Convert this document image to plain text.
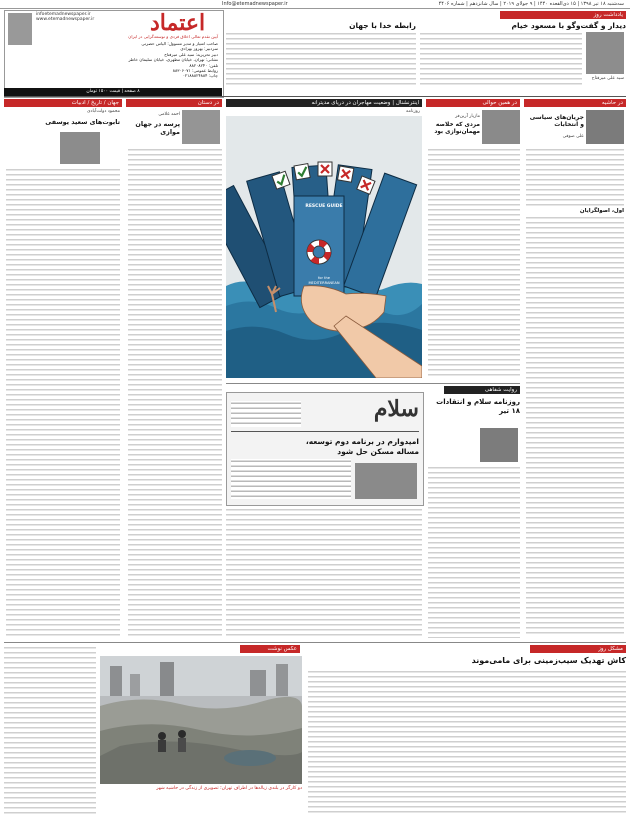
سه‌شنبه ۱۸ تیر ۱۳۹۸ | ۱۵ ذی‌القعده ۱۴۴۰ | ۹ جولای ۲۰۱۹ | سال شانزدهم | شماره ۴۴۰۶
Info@etemadnewspaper.ir
infoetemadnewspaper.ir
www.etemadnewspaper.ir	اعتماد
آیین تقدم تعالی اخلاق فردی و توسعه‌گرایی در ایران
صاحب امتیاز و مدیر مسوول: الیاس حضرتی
سردبیر: بهروز بهزادی
دبیر تحریریه: سید علی میرفتاح
نشانی: تهران، خیابان مطهری، خیابان سلیمان خاطر
تلفن: ۸۸۲۰۸۲۴۰
روابط عمومی: ۸۸۳۰۶۰۷۱
چاپ: ۰۲۱۸۸۸۲۴۸۸۴
۸ صفحه | قیمت ۱۵۰۰ تومان
یادداشت روز
دیدار و گفت‌وگو با مسعود خیام
سید علی میرفتاح
رابطه خدا با جهان
در حاشیه
در همین حوالی
اینترنشنال | وضعیت مهاجران در دریای مدیترانه
در دستان
جهان / تاریخ / ادبیات
جریان‌های سیاسی و انتخابات
علی صوفی
اول، اصولگرایان
مازیار آرین‌فر
مردی که خلاصه مهمان‌نوازی بود
روزنامه
RESCUE GUIDE
for the MEDITERRANEAN
احمد غلامی
پرسه در جهان موازی
محمود دولت‌آبادی
تابوت‌های سعید یوسفی
روایت شفاهی
روزنامه سلام و انتقادات ۱۸ تیر
سلام
امیدوارم در برنامه دوم توسعه، مساله مسکن حل شود
مشکل روز
عکس نوشت
کاش تهدیک سیب‌زمینی برای مامی‌موند
دو کارگر در بلندی زباله‌ها در اطراف تهران؛ تصویری از زندگی در حاشیه شهر
